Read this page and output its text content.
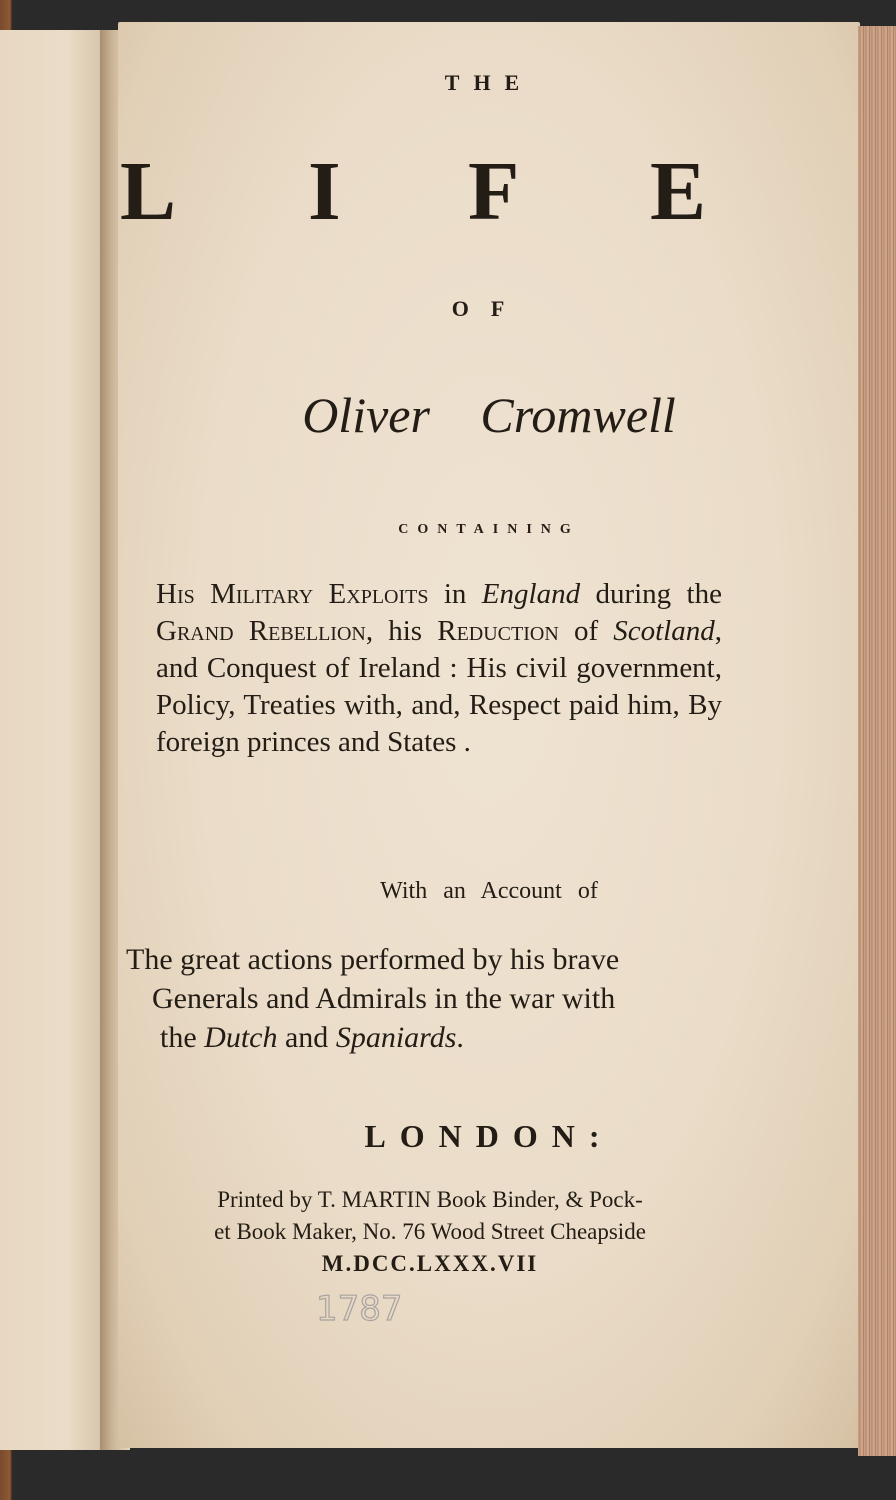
THE
L I F E
OF
Oliver Cromwell
CONTAINING

His Military Exploits in England during the Grand Rebellion, his Reduction of Scotland, and Conquest of Ireland : His civil government, Policy, Treaties with, and, Respect paid him, By foreign princes and States .

With an Account of
The great actions performed by his brave
Generals and Admirals in the war with
the Dutch and Spaniards.
LONDON:
Printed by T. MARTIN Book Binder, & Pock-
et Book Maker, No. 76 Wood Street Cheapside
M.DCC.LXXX.VII
1787
